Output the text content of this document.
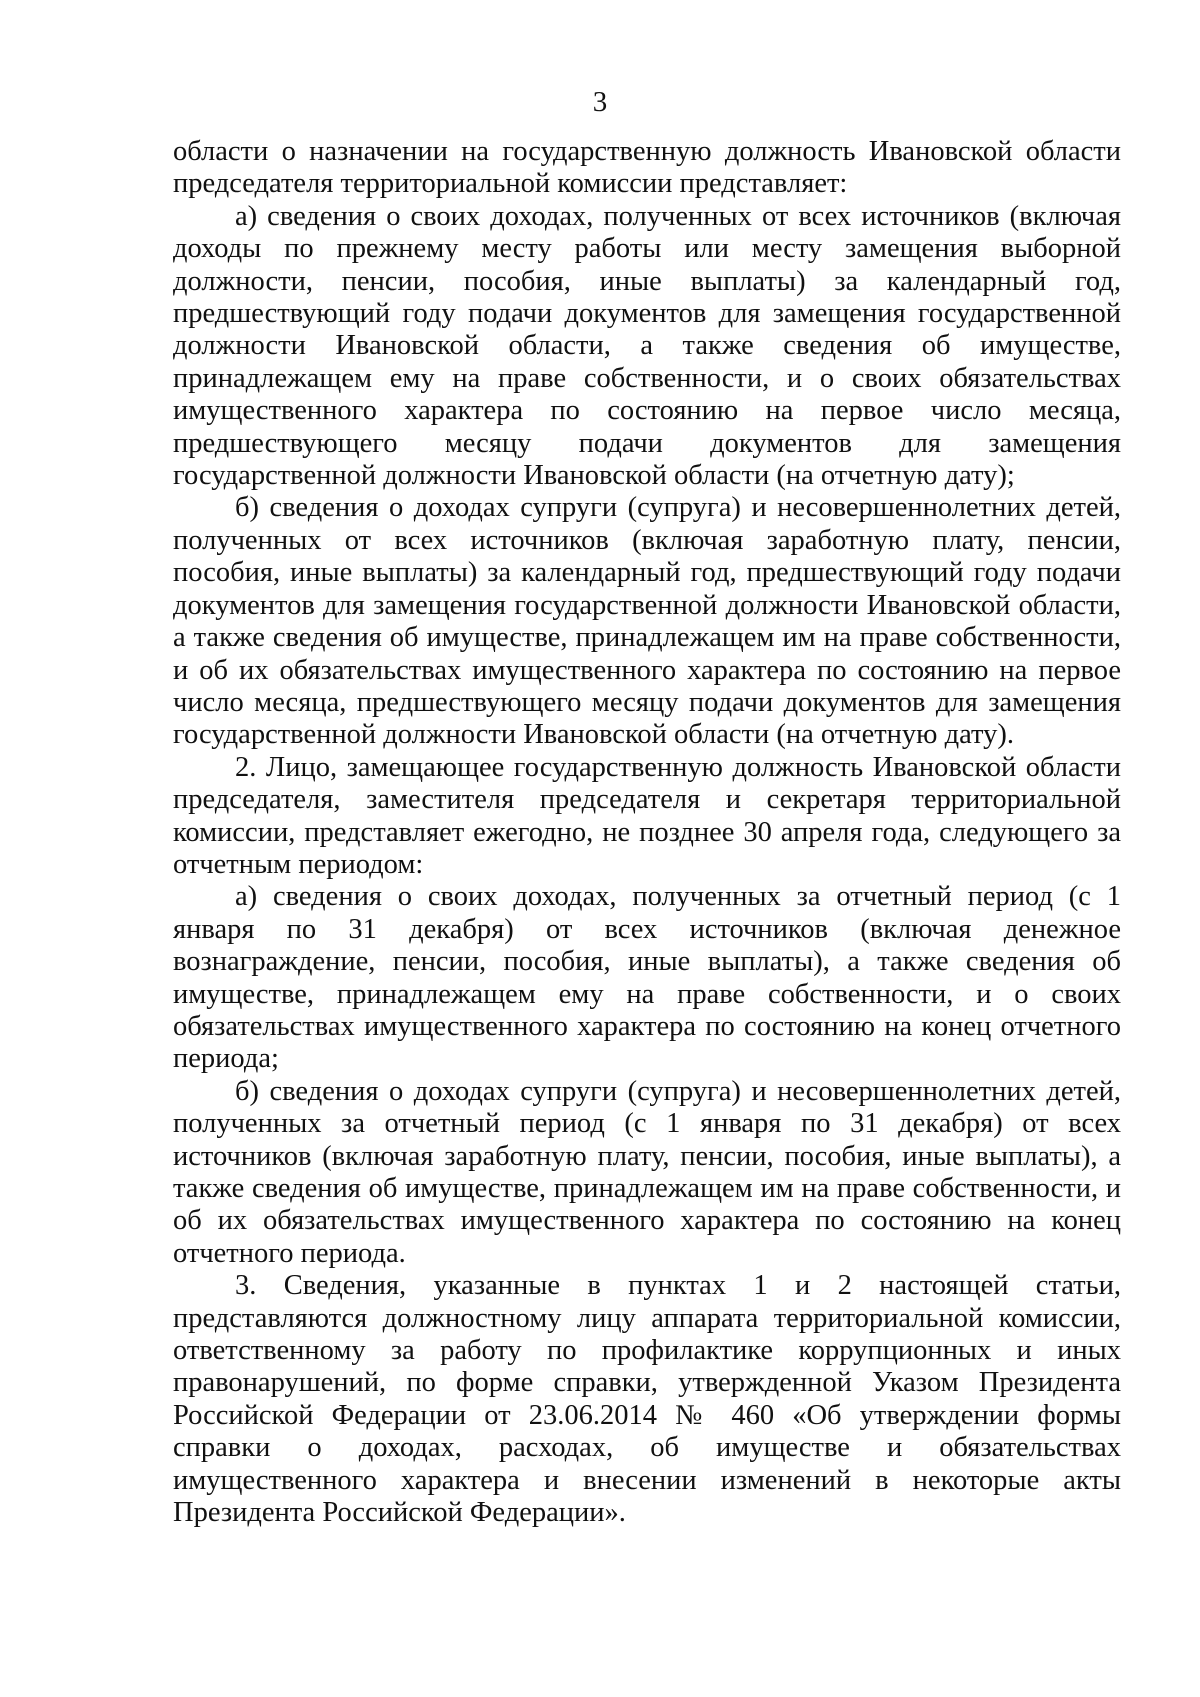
3

области о назначении на государственную должность Ивановской области председателя территориальной комиссии представляет:

а) сведения о своих доходах, полученных от всех источников (включая доходы по прежнему месту работы или месту замещения выборной должности, пенсии, пособия, иные выплаты) за календарный год, предшествующий году подачи документов для замещения государственной должности Ивановской области, а также сведения об имуществе, принадлежащем ему на праве собственности, и о своих обязательствах имущественного характера по состоянию на первое число месяца, предшествующего месяцу подачи документов для замещения государственной должности Ивановской области (на отчетную дату);

б) сведения о доходах супруги (супруга) и несовершеннолетних детей, полученных от всех источников (включая заработную плату, пенсии, пособия, иные выплаты) за календарный год, предшествующий году подачи документов для замещения государственной должности Ивановской области, а также сведения об имуществе, принадлежащем им на праве собственности, и об их обязательствах имущественного характера по состоянию на первое число месяца, предшествующего месяцу подачи документов для замещения государственной должности Ивановской области (на отчетную дату).

2. Лицо, замещающее государственную должность Ивановской области председателя, заместителя председателя и секретаря территориальной комиссии, представляет ежегодно, не позднее 30 апреля года, следующего за отчетным периодом:

а) сведения о своих доходах, полученных за отчетный период (с 1 января по 31 декабря) от всех источников (включая денежное вознаграждение, пенсии, пособия, иные выплаты), а также сведения об имуществе, принадлежащем ему на праве собственности, и о своих обязательствах имущественного характера по состоянию на конец отчетного периода;

б) сведения о доходах супруги (супруга) и несовершеннолетних детей, полученных за отчетный период (с 1 января по 31 декабря) от всех источников (включая заработную плату, пенсии, пособия, иные выплаты), а также сведения об имуществе, принадлежащем им на праве собственности, и об их обязательствах имущественного характера по состоянию на конец отчетного периода.

3. Сведения, указанные в пунктах 1 и 2 настоящей статьи, представляются должностному лицу аппарата территориальной комиссии, ответственному за работу по профилактике коррупционных и иных правонарушений, по форме справки, утвержденной Указом Президента Российской Федерации от 23.06.2014 № 460 «Об утверждении формы справки о доходах, расходах, об имуществе и обязательствах имущественного характера и внесении изменений в некоторые акты Президента Российской Федерации».
